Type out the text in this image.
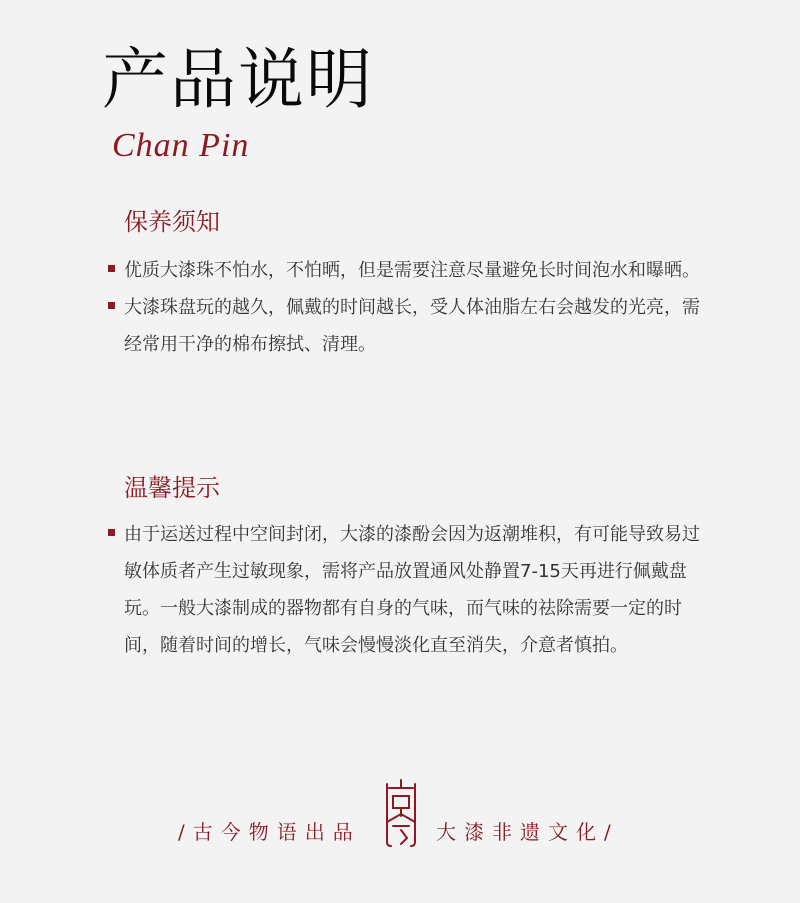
产品说明
Chan Pin
保养须知
优质大漆珠不怕水，不怕晒，但是需要注意尽量避免长时间泡水和曝晒。
大漆珠盘玩的越久，佩戴的时间越长，受人体油脂左右会越发的光亮，需经常用干净的棉布擦拭、清理。
温馨提示
由于运送过程中空间封闭，大漆的漆酚会因为返潮堆积，有可能导致易过敏体质者产生过敏现象，需将产品放置通风处静置7-15天再进行佩戴盘玩。一般大漆制成的器物都有自身的气味，而气味的祛除需要一定的时间，随着时间的增长，气味会慢慢淡化直至消失，介意者慎拍。
/古今物语出品	大漆非遗文化/
